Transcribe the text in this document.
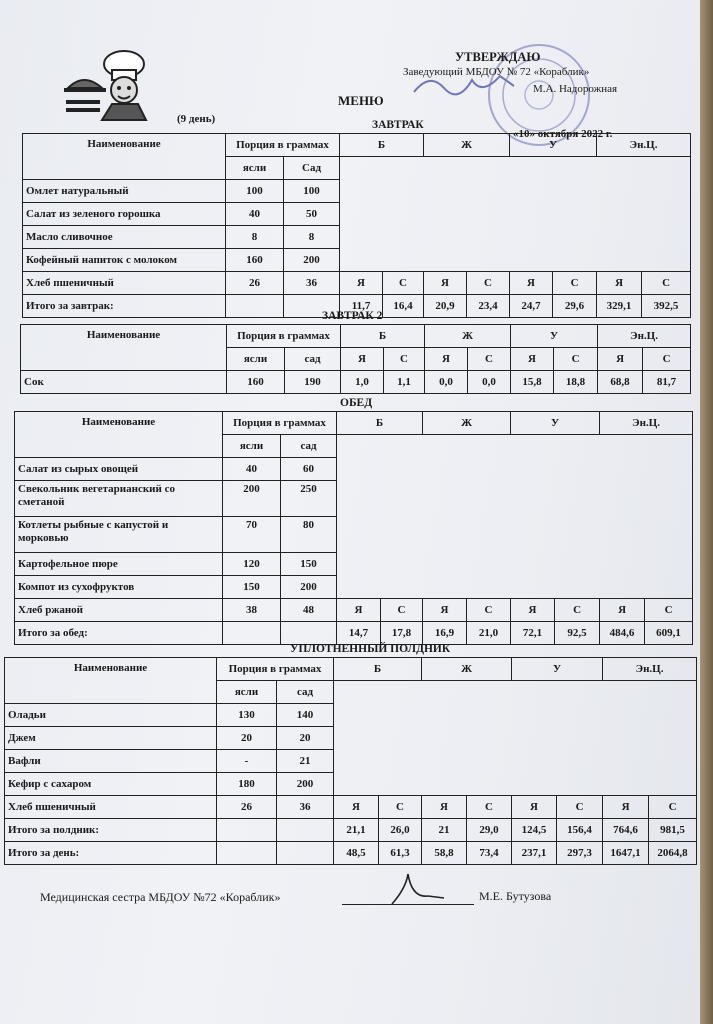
УТВЕРЖДАЮ
Заведующий МБДОУ № 72 «Кораблик»
М.А. Надорожная
МЕНЮ
(9 день)
«10» октября 2022 г.
ЗАВТРАК
Наименование	Порция в граммах		Б		Ж		У		Эн.Ц.	
	ясли	Сад								
Омлет натуральный	100	100								
Салат из зеленого горошка	40	50								
Масло сливочное	8	8								
Кофейный напиток с молоком	160	200								
Хлеб пшеничный	26	36	Я	С	Я	С	Я	С	Я	С
Итого за завтрак:			11,7	16,4	20,9	23,4	24,7	29,6	329,1	392,5
ЗАВТРАК 2
Наименование	Порция в граммах		Б		Ж		У		Эн.Ц.	
	ясли	сад	Я	С	Я	С	Я	С	Я	С
Сок	160	190	1,0	1,1	0,0	0,0	15,8	18,8	68,8	81,7
ОБЕД
Наименование	Порция в граммах		Б		Ж		У		Эн.Ц.	
	ясли	сад								
Салат из сырых овощей	40	60								
Свекольник вегетарианский со сметаной	200	250								
Котлеты рыбные с капустой и морковью	70	80								
Картофельное пюре	120	150								
Компот из сухофруктов	150	200								
Хлеб ржаной	38	48	Я	С	Я	С	Я	С	Я	С
Итого за обед:			14,7	17,8	16,9	21,0	72,1	92,5	484,6	609,1
УПЛОТНЕННЫЙ ПОЛДНИК
Наименование	Порция в граммах		Б		Ж		У		Эн.Ц.	
	ясли	сад								
Оладьи	130	140								
Джем	20	20								
Вафли	-	21								
Кефир с сахаром	180	200								
Хлеб пшеничный	26	36	Я	С	Я	С	Я	С	Я	С
Итого за полдник:			21,1	26,0	21	29,0	124,5	156,4	764,6	981,5
Итого за день:			48,5	61,3	58,8	73,4	237,1	297,3	1647,1	2064,8
Медицинская сестра МБДОУ №72 «Кораблик»	М.Е. Бутузова
